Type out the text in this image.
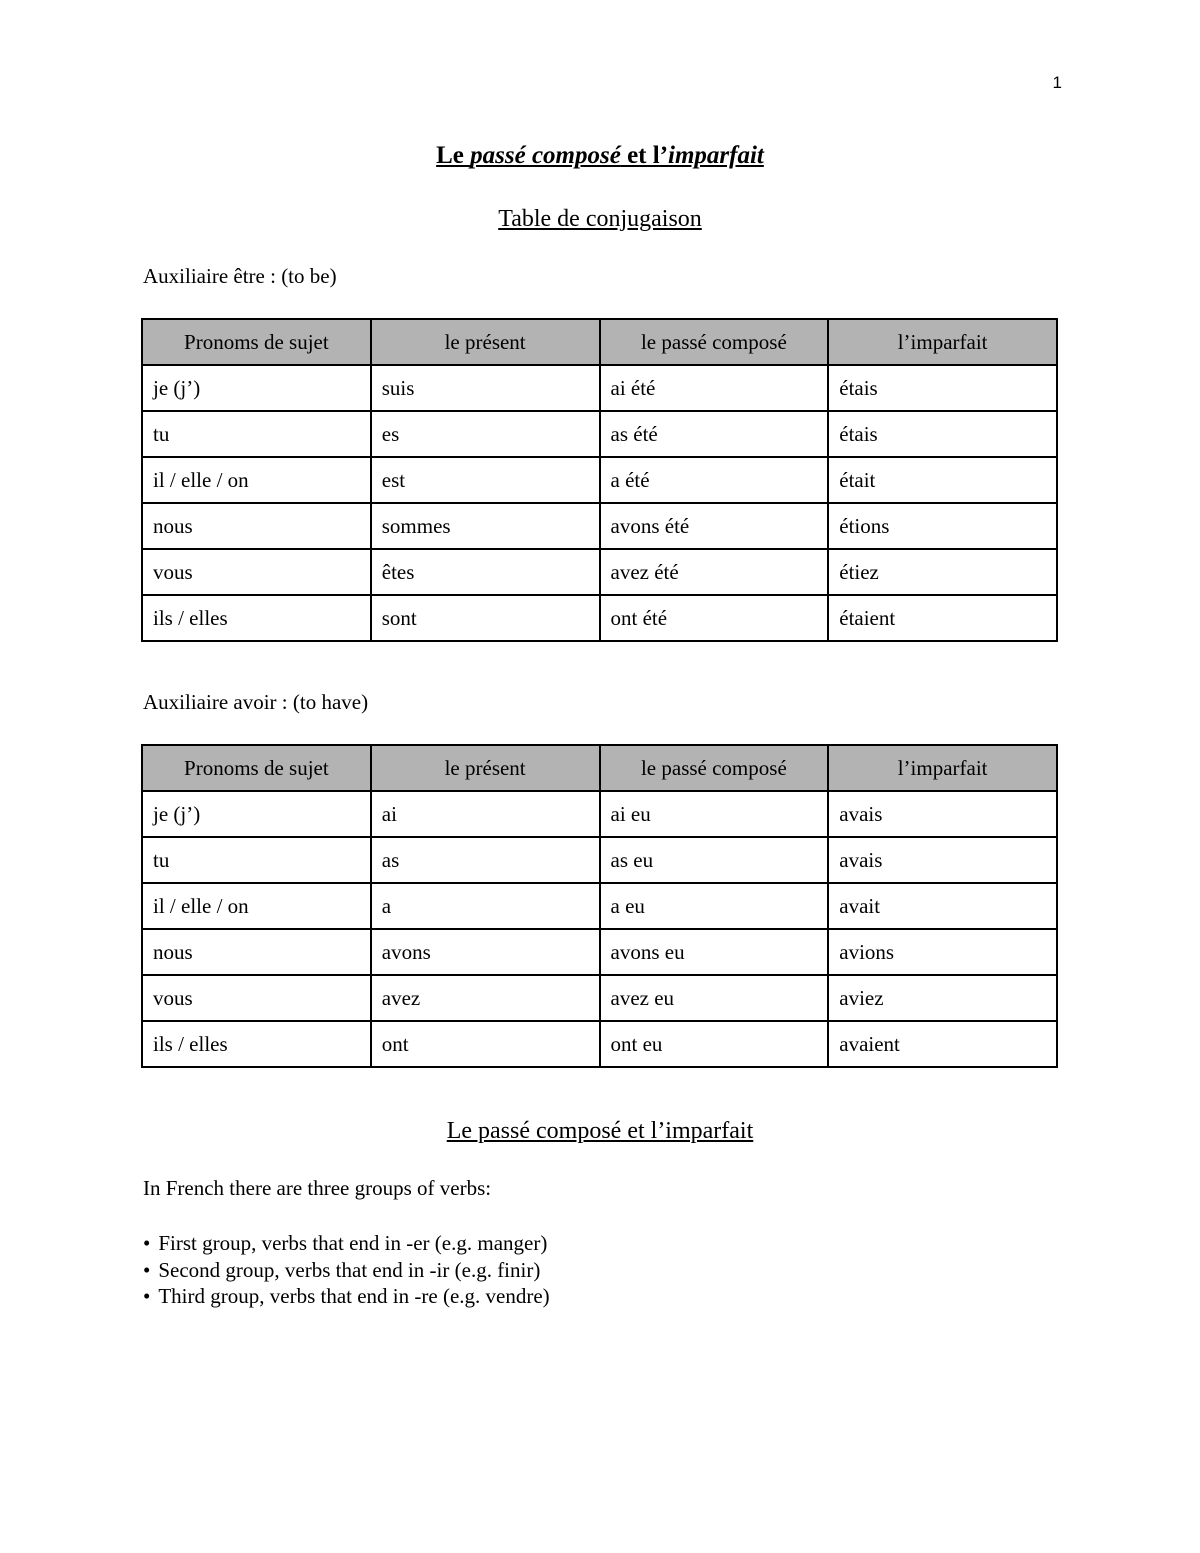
1
Le passé composé et l’imparfait
Table de conjugaison
Auxiliaire être : (to be)
Pronoms de sujet	le présent	le passé composé	l’imparfait
je (j’)	suis	ai été	étais
tu	es	as été	étais
il / elle / on	est	a été	était
nous	sommes	avons été	étions
vous	êtes	avez été	étiez
ils / elles	sont	ont été	étaient
Auxiliaire avoir : (to have)
Pronoms de sujet	le présent	le passé composé	l’imparfait
je (j’)	ai	ai eu	avais
tu	as	as eu	avais
il / elle / on	a	a eu	avait
nous	avons	avons eu	avions
vous	avez	avez eu	aviez
ils / elles	ont	ont eu	avaient
Le passé composé et l’imparfait
In French there are three groups of verbs:
• First group, verbs that end in -er (e.g. manger)
• Second group, verbs that end in -ir (e.g. finir)
• Third group, verbs that end in -re (e.g. vendre)
